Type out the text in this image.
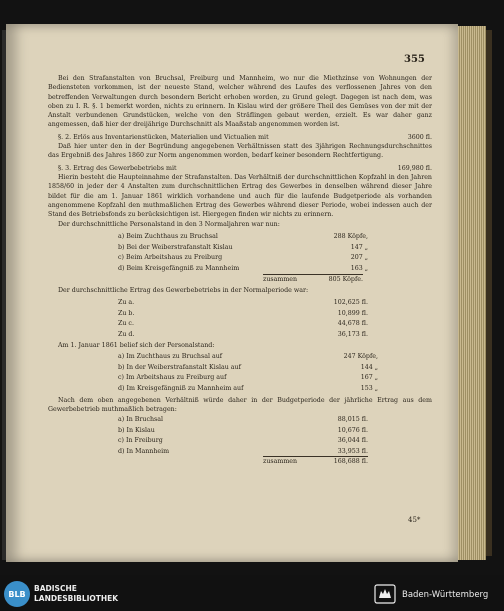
355

Bei den Strafanstalten von Bruchsal, Freiburg und Mannheim, wo nur die Miethzinse von Wohnungen der Bediensteten vorkommen, ist der neueste Stand, welcher während des Laufes des verflossenen Jahres von den betreffenden Verwaltungen durch besondern Bericht erhoben worden, zu Grund gelegt. Dagegen ist nach dem, was oben zu I. R. §. 1 bemerkt worden, nichts zu erinnern. In Kislau wird der größere Theil des Gemüses von der mit der Anstalt verbundenen Grundstücken, welche von den Sträflingen gebaut werden, erzielt. Es war daher ganz angemessen, daß hier der dreijährige Durchschnitt als Maaßstab angenommen worden ist.

§. 2. Erlös aus Inventarienstücken, Materialien und Victualien mit	3600 fl.

Daß hier unter den in der Begründung angegebenen Verhältnissen statt des 3jährigen Rechnungsdurchschnittes das Ergebniß des Jahres 1860 zur Norm angenommen worden, bedarf keiner besondern Rechtfertigung.

§. 3. Ertrag des Gewerbebetriebs mit	169,980 fl.

Hierin besteht die Haupteinnahme der Strafanstalten. Das Verhältniß der durchschnittlichen Kopfzahl in den Jahren 1858/60 in jeder der 4 Anstalten zum durchschnittlichen Ertrag des Gewerbes in denselben während dieser Jahre bildet für die am 1. Januar 1861 wirklich vorhandene und auch für die laufende Budgetperiode als vorhanden angenommene Kopfzahl den muthmaßlichen Ertrag des Gewerbes während dieser Periode, wobei indessen auch der Stand des Betriebsfonds zu berücksichtigen ist. Hiergegen finden wir nichts zu erinnern.

Der durchschnittliche Personalstand in den 3 Normaljahren war nun:

a) Beim Zuchthaus zu Bruchsal	288 Köpfe,
b) Bei der Weiberstrafanstalt Kislau	147 „
c) Beim Arbeitshaus zu Freiburg	207 „
d) Beim Kreisgefängniß zu Mannheim	163 „
zusammen	805 Köpfe.

Der durchschnittliche Ertrag des Gewerbebetriebs in der Normalperiode war:

Zu a.	102,625 fl.
Zu b.	10,899 fl.
Zu c.	44,678 fl.
Zu d.	36,173 fl.

Am 1. Januar 1861 belief sich der Personalstand:

a) Im Zuchthaus zu Bruchsal auf	247 Köpfe,
b) In der Weiberstrafanstalt Kislau auf	144 „
c) Im Arbeitshaus zu Freiburg auf	167 „
d) Im Kreisgefängniß zu Mannheim auf	153 „

Nach dem oben angegebenen Verhältniß würde daher in der Budgetperiode der jährliche Ertrag aus dem Gewerbebetrieb muthmaßlich betragen:

a) In Bruchsal	88,015 fl.
b) In Kislau	10,676 fl.
c) In Freiburg	36,044 fl.
d) In Mannheim	33,953 fl.
zusammen	168,688 fl.
45*
BLB
BADISCHE
LANDESBIBLIOTHEK	Baden-Württemberg
